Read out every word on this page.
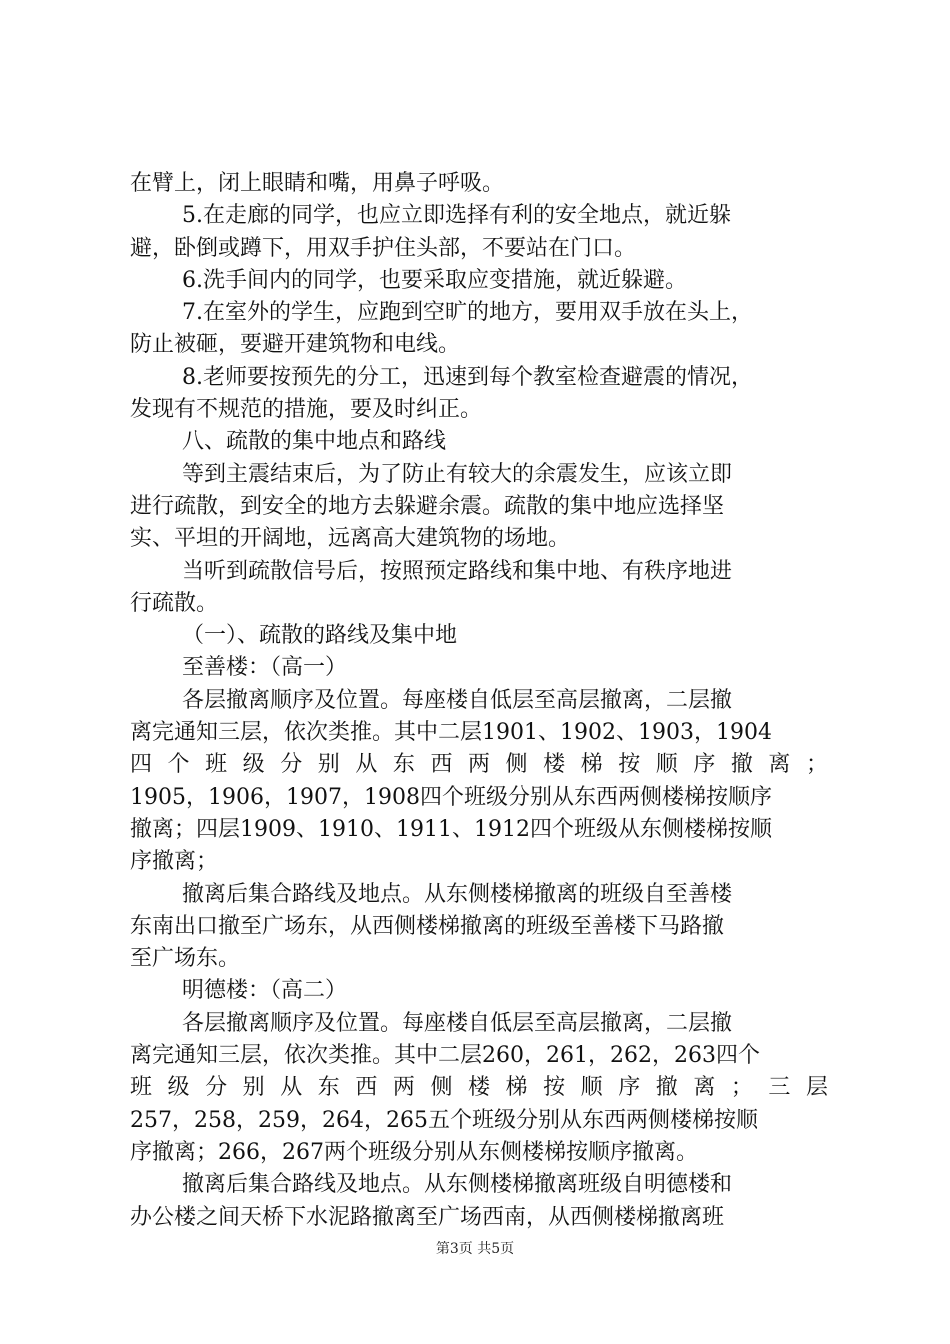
在臂上，闭上眼睛和嘴，用鼻子呼吸。
5.在走廊的同学，也应立即选择有利的安全地点，就近躲
避，卧倒或蹲下，用双手护住头部，不要站在门口。
6.洗手间内的同学，也要采取应变措施，就近躲避。
7.在室外的学生，应跑到空旷的地方，要用双手放在头上，
防止被砸，要避开建筑物和电线。
8.老师要按预先的分工，迅速到每个教室检查避震的情况，
发现有不规范的措施，要及时纠正。
八、疏散的集中地点和路线
等到主震结束后，为了防止有较大的余震发生，应该立即
进行疏散，到安全的地方去躲避余震。疏散的集中地应选择坚
实、平坦的开阔地，远离高大建筑物的场地。
当听到疏散信号后，按照预定路线和集中地、有秩序地进
行疏散。
（一）、疏散的路线及集中地
至善楼：（高一）
各层撤离顺序及位置。每座楼自低层至高层撤离，二层撤
离完通知三层，依次类推。其中二层1901、1902、1903，1904
四个班级分别从东西两侧楼梯按顺序撤离；
1905，1906，1907，1908四个班级分别从东西两侧楼梯按顺序
撤离；四层1909、1910、1911、1912四个班级从东侧楼梯按顺
序撤离；
撤离后集合路线及地点。从东侧楼梯撤离的班级自至善楼
东南出口撤至广场东，从西侧楼梯撤离的班级至善楼下马路撤
至广场东。
明德楼：（高二）
各层撤离顺序及位置。每座楼自低层至高层撤离，二层撤
离完通知三层，依次类推。其中二层260，261，262，263四个
班级分别从东西两侧楼梯按顺序撤离；三层
257，258，259，264，265五个班级分别从东西两侧楼梯按顺
序撤离；266，267两个班级分别从东侧楼梯按顺序撤离。
撤离后集合路线及地点。从东侧楼梯撤离班级自明德楼和
办公楼之间天桥下水泥路撤离至广场西南，从西侧楼梯撤离班
第3页 共5页
